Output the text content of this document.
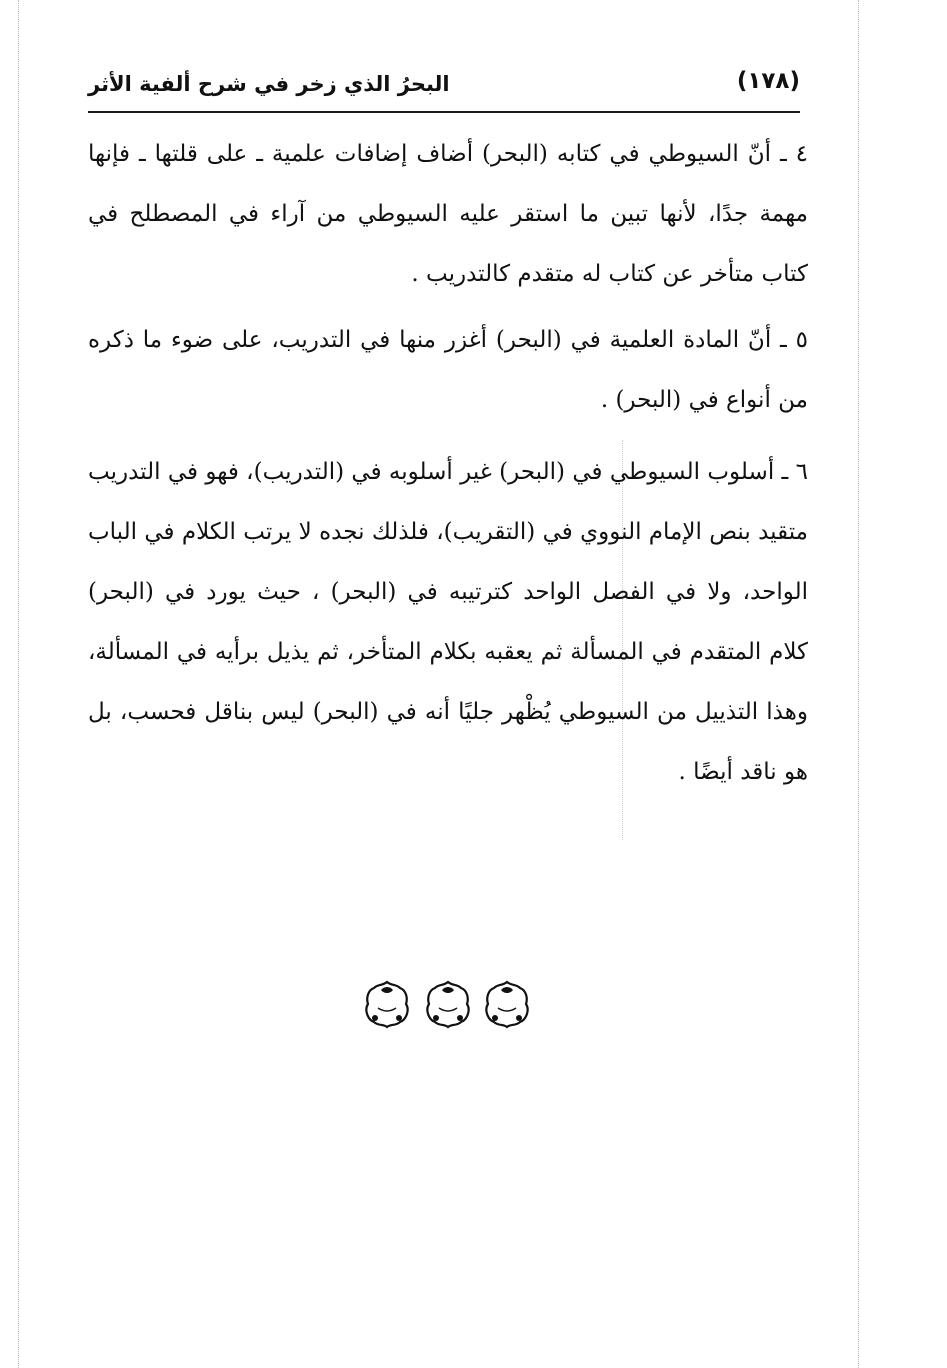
البحرُ الذي زخر في شرح ألفية الأثر	(١٧٨)

٤ ـ أنّ السيوطي في كتابه (البحر) أضاف إضافات علمية ـ على قلتها ـ فإنها مهمة جدًا، لأنها تبين ما استقر عليه السيوطي من آراء في المصطلح في كتاب متأخر عن كتاب له متقدم كالتدريب .

٥ ـ أنّ المادة العلمية في (البحر) أغزر منها في التدريب، على ضوء ما ذكره من أنواع في (البحر) .

٦ ـ أسلوب السيوطي في (البحر) غير أسلوبه في (التدريب)، فهو في التدريب متقيد بنص الإمام النووي في (التقريب)، فلذلك نجده لا يرتب الكلام في الباب الواحد، ولا في الفصل الواحد كترتيبه في (البحر) ، حيث يورد في (البحر) كلام المتقدم في المسألة ثم يعقبه بكلام المتأخر، ثم يذيل برأيه في المسألة، وهذا التذييل من السيوطي يُظْهر جليًا أنه في (البحر) ليس بناقل فحسب، بل هو ناقد أيضًا .
